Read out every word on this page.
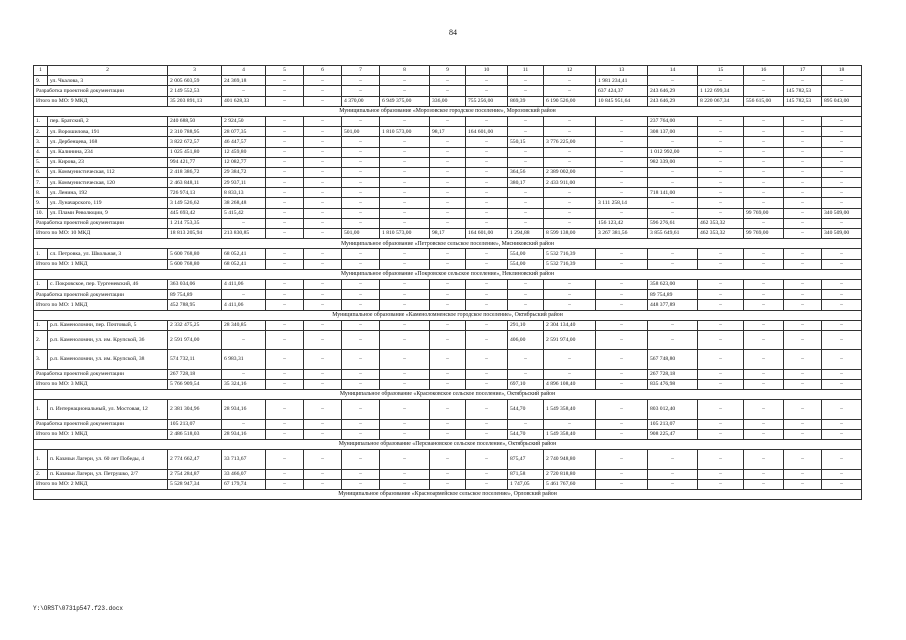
84
1	2	3	4	5	6	7	8	9	10	11	12	13	14	15	16	17	18
9.	ул. Чкалова, 3	2 005 603,59	24 369,18	–	–	–	–	–	–	–	–	1 981 234,41	–	–	–	–	–
Разработка проектной документации		2 149 552,53	–	–	–	–	–	–	–	–	–	637 424,37	243 646,29	1 122 699,34	–	145 782,53	–
Итого по МО: 9 МКД		35 203 891,13	401 628,33	–	–	4 370,00	6 949 375,00	336,00	755 256,00	869,39	6 190 526,00	10 845 951,64	243 646,29	8 220 067,34	556 615,00	145 782,53	895 043,00
Муниципальное образование «Морозовское городское поселение», Морозовский район																	
1.	пер. Братский, 2	240 688,50	2 924,50	–	–	–	–	–	–	–	–	–	237 764,00	–	–	–	–
2.	ул. Ворошилова, 191	2 310 788,95	28 077,35	–	–	501,00	1 810 573,00	98,17	164 601,00	–	–	–	308 137,00	–	–	–	–
3.	ул. Дербенцева, 168	3 822 672,57	46 447,57	–	–	–	–	–	–	550,15	3 776 225,00	–	–	–	–	–	–
4.	ул. Калинина, 234	1 025 451,80	12 459,80	–	–	–	–	–	–	–	–	–	1 012 992,00	–	–	–	–
5.	ул. Кирова, 23	994 421,77	12 082,77	–	–	–	–	–	–	–	–	–	982 339,00	–	–	–	–
6.	ул. Коммунистическая, 112	2 418 386,72	29 384,72	–	–	–	–	–	–	364,56	2 389 002,00	–	–	–	–	–	–
7.	ул. Коммунистическая, 120	2 463 848,11	29 937,11	–	–	–	–	–	–	380,17	2 433 911,00	–	–	–	–	–	–
8.	ул. Ленина, 192	726 974,13	8 833,13	–	–	–	–	–	–	–	–	–	718 141,00	–	–	–	–
9.	ул. Луначарского, 119	3 149 526,62	38 268,48	–	–	–	–	–	–	–	–	3 111 258,14	–	–	–	–	–
10.	ул. Плами Революции, 9	445 693,42	5 415,42	–	–	–	–	–	–	–	–	–	–	–	99 769,00	–	340 509,00
Разработка проектной документации		1 214 753,35	–	–	–	–	–	–	–	–	–	156 123,42	596 276,61	462 353,32	–	–	–
Итого по МО: 10 МКД		18 813 205,94	213 830,85	–	–	501,00	1 810 573,00	98,17	164 601,00	1 294,88	8 599 138,00	3 267 381,56	3 855 649,61	462 353,32	99 769,00	–	340 509,00
Муниципальное образование «Петровское сельское поселение», Мясниковский район																	
1.	сл. Петровка, ул. Школьная, 3	5 600 768,80	68 052,41	–	–	–	–	–	–	554,00	5 532 716,39	–	–	–	–	–	–
Итого по МО: 1 МКД		5 600 768,80	68 052,41	–	–	–	–	–	–	554,00	5 532 716,39	–	–	–	–	–	–
Муниципальное образование «Покровское сельское поселение», Неклиновский район																	
1.	с. Покровское, пер. Тургеневский, 46	363 034,06	4 411,06	–	–	–	–	–	–	–	–	–	358 623,00	–	–	–	–
Разработка проектной документации		89 754,89	–	–	–	–	–	–	–	–	–	–	89 754,89	–	–	–	–
Итого по МО: 1 МКД		452 788,95	4 411,06	–	–	–	–	–	–	–	–	–	448 377,89	–	–	–	–
Муниципальное образование «Каменоломненское городское поселение», Октябрьский район																	
1.	р.п. Каменоломни, пер. Почтовый, 5	2 332 475,25	28 340,85	–	–	–	–	–	–	291,10	2 304 134,40	–	–	–	–	–	–
2.	р.п. Каменоломни, ул. им. Крупской, 36	2 591 974,00	–	–	–	–	–	–	–	406,00	2 591 974,00	–	–	–	–	–	–
3.	р.п. Каменоломни, ул. им. Крупской, 38	574 732,11	6 983,31	–	–	–	–	–	–	–	–	–	567 748,80	–	–	–	–
Разработка проектной документации		267 728,18	–	–	–	–	–	–	–	–	–	–	267 728,18	–	–	–	–
Итого по МО: 3 МКД		5 766 909,54	35 324,16	–	–	–	–	–	–	697,10	4 896 108,40	–	835 476,98	–	–	–	–
Муниципальное образование «Красюковское сельское поселение», Октябрьский район																	
1.	п. Интернациональный, ул. Мостовая, 12	2 381 304,96	28 934,16	–	–	–	–	–	–	544,70	1 549 358,40	–	803 012,40	–	–	–	–
Разработка проектной документации		105 213,07	–	–	–	–	–	–	–	–	–	–	105 213,07	–	–	–	–
Итого по МО: 1 МКД		2 486 518,03	28 934,16	–	–	–	–	–	–	544,70	1 549 358,40	–	908 225,47	–	–	–	–
Муниципальное образование «Персиановское сельское поселение», Октябрьский район																	
1.	п. Казачьи Лагери, ул. 60 лет Победы, 4	2 774 662,47	33 713,67	–	–	–	–	–	–	875,47	2 740 948,80	–	–	–	–	–	–
2.	п. Казачьи Лагери, ул. Петрушко, 2/7	2 754 284,87	33 466,07	–	–	–	–	–	–	871,58	2 720 818,80	–	–	–	–	–	–
Итого по МО: 2 МКД		5 528 947,34	67 179,74	–	–	–	–	–	–	1 747,05	5 461 767,60	–	–	–	–	–	–
Муниципальное образование «Красноармейское сельское поселение», Орловский район																	
Y:\ORST\0731p547.f23.docx
